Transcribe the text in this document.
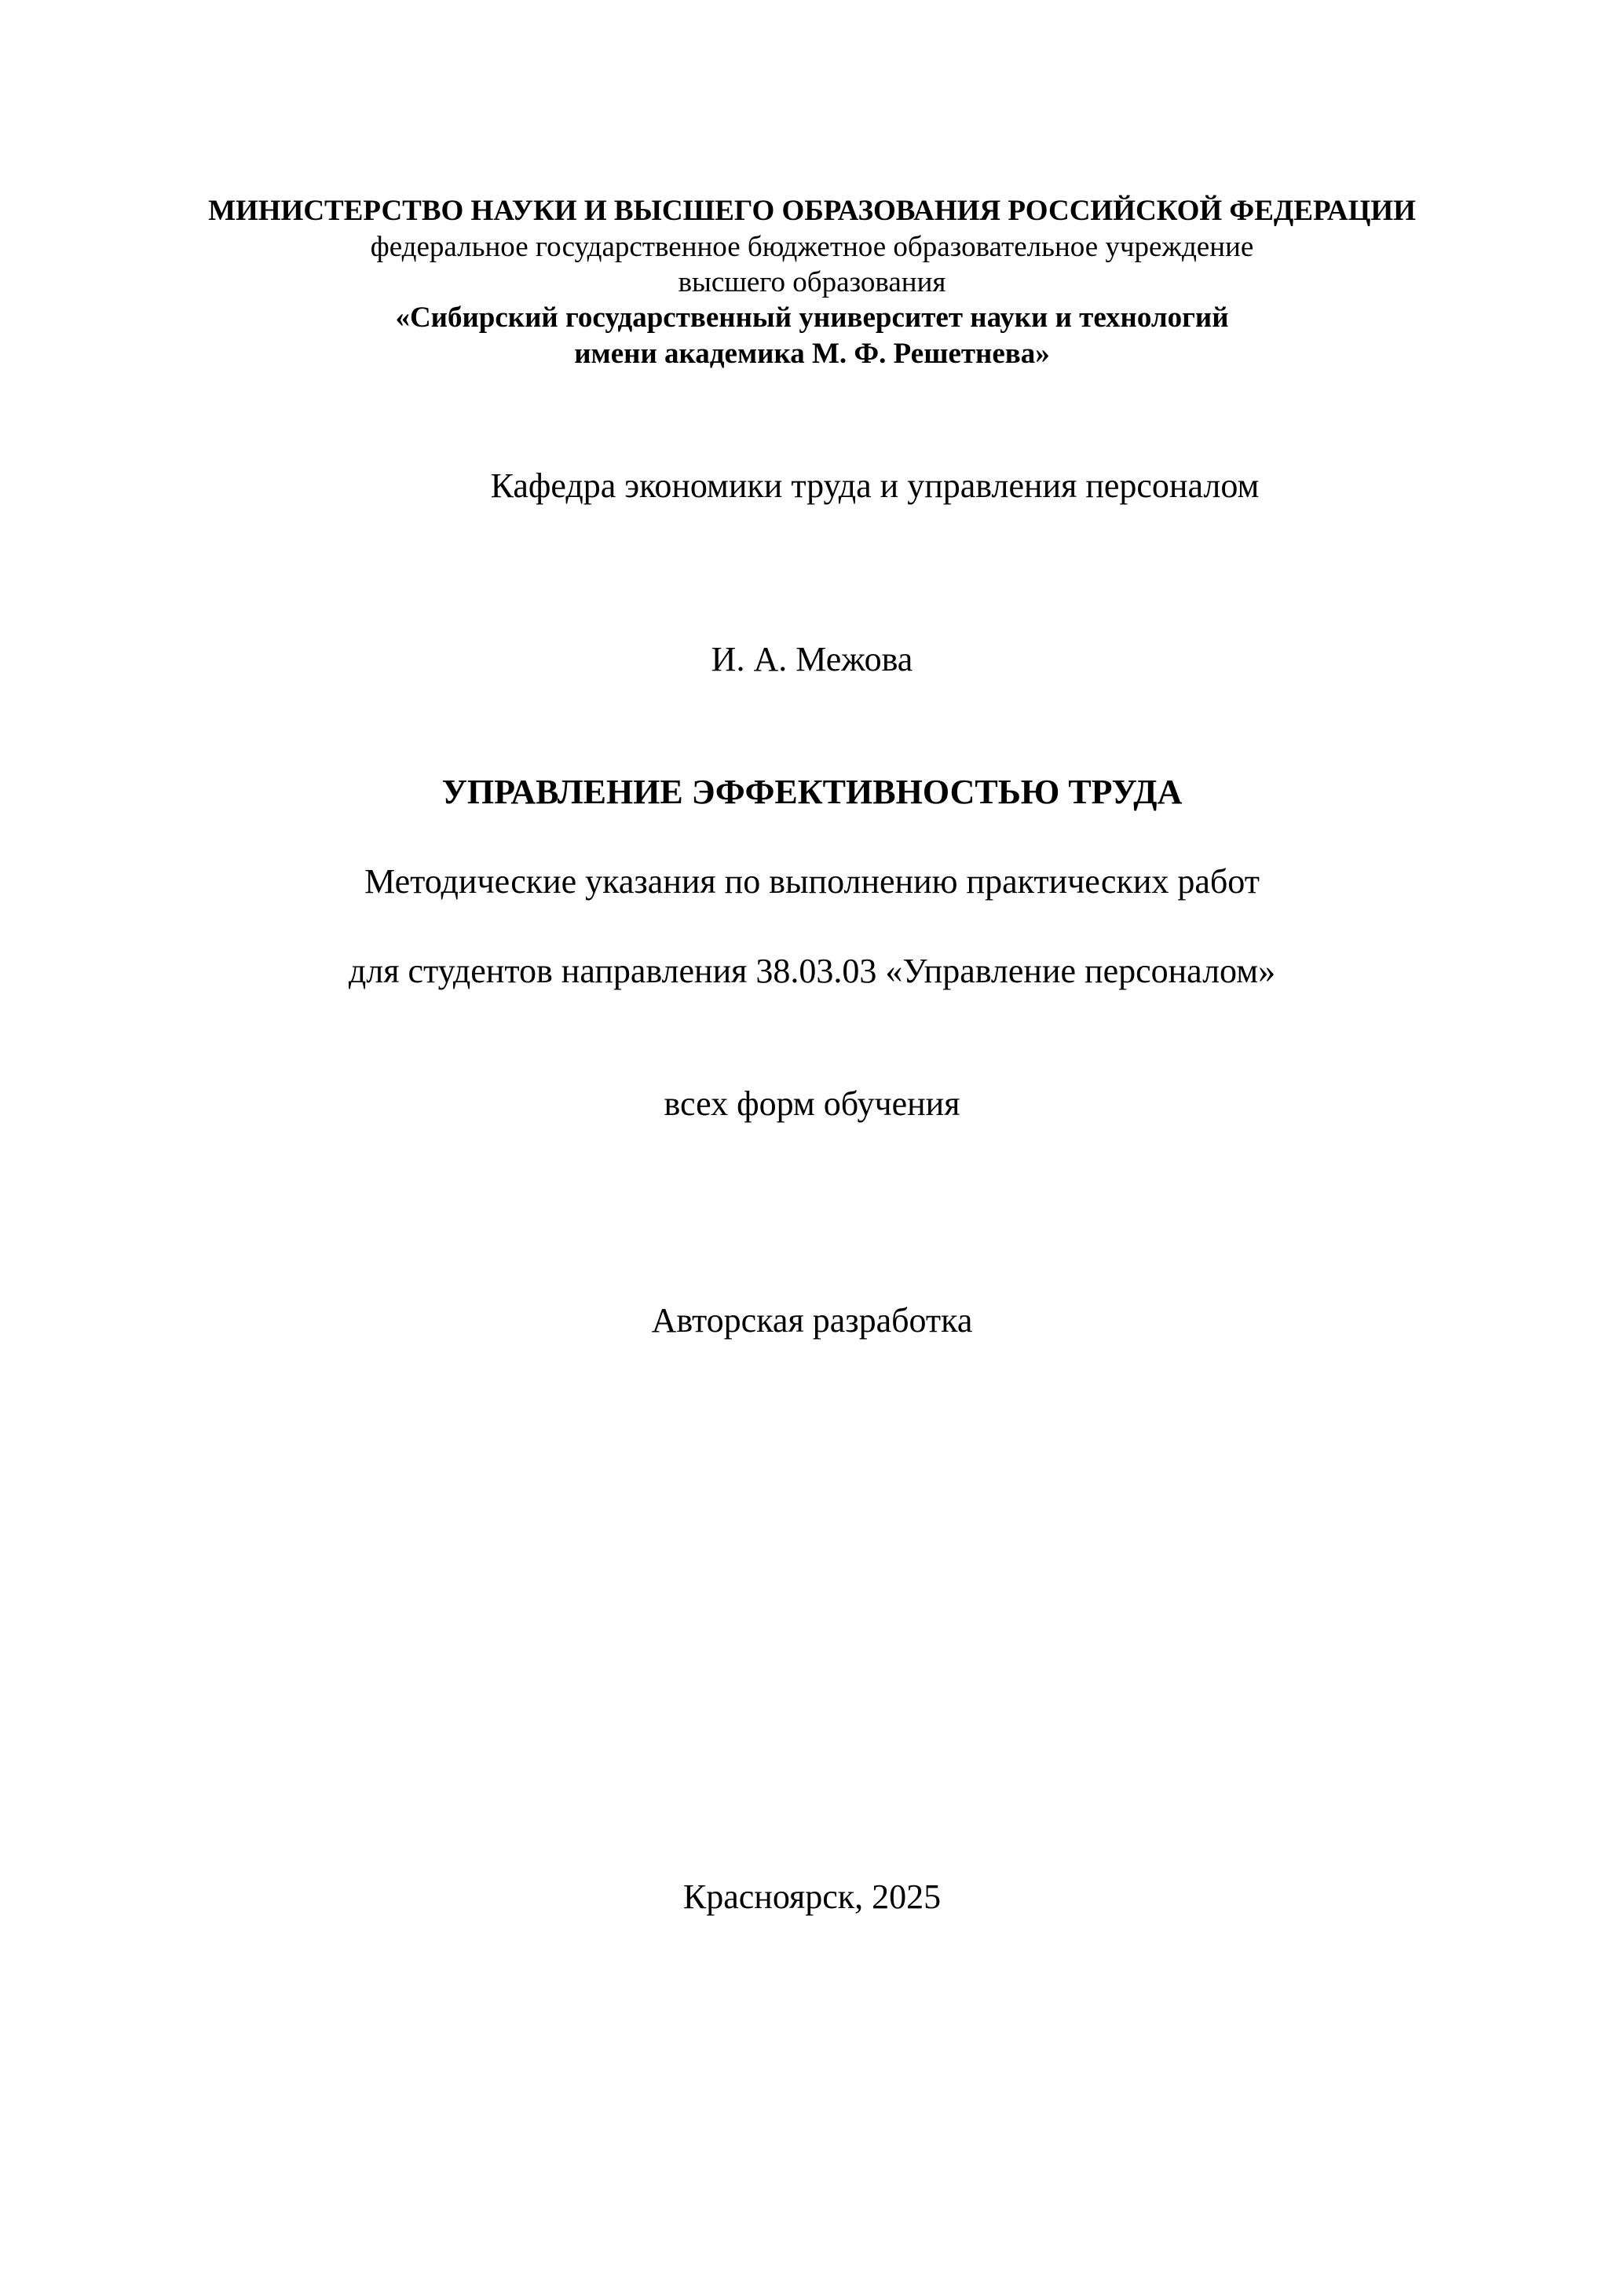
МИНИСТЕРСТВО НАУКИ И ВЫСШЕГО ОБРАЗОВАНИЯ РОССИЙСКОЙ ФЕДЕРАЦИИ
федеральное государственное бюджетное образовательное учреждение
высшего образования
«Сибирский государственный университет науки и технологий
имени академика М. Ф. Решетнева»
Кафедра экономики труда и управления персоналом
И. А. Межова
УПРАВЛЕНИЕ ЭФФЕКТИВНОСТЬЮ ТРУДА
Методические указания по выполнению практических работ
для студентов направления 38.03.03 «Управление персоналом»
всех форм обучения
Авторская разработка
Красноярск, 2025
